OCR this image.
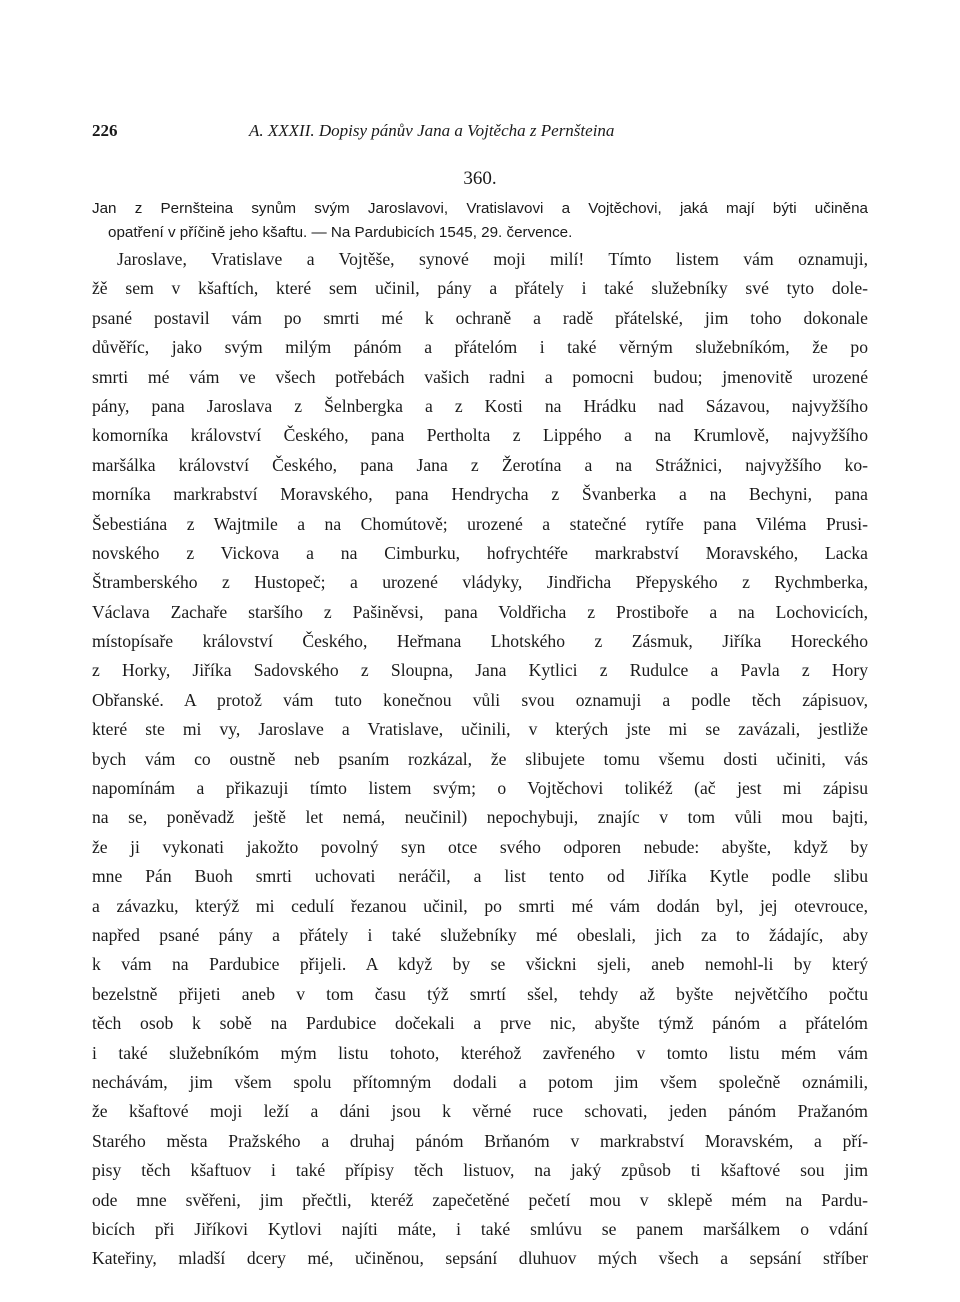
226	A. XXXII. Dopisy pánův Jana a Vojtěcha z Pernšteina
360.
Jan z Pernšteina synům svým Jaroslavovi, Vratislavovi a Vojtěchovi, jaká mají býti učiněna
opatření v příčině jeho kšaftu. — Na Pardubicích 1545, 29. července.
Jaroslave, Vratislave a Vojtěše, synové moji milí! Tímto listem vám oznamuji,
žě sem v kšaftích, které sem učinil, pány a přátely i také služebníky své tyto dole-
psané postavil vám po smrti mé k ochraně a radě přátelské, jim toho dokonale
důvěříc, jako svým milým pánóm a přátelóm i také věrným služebníkóm, že po
smrti mé vám ve všech potřebách vašich radni a pomocni budou; jmenovitě urozené
pány, pana Jaroslava z Šelnbergka a z Kosti na Hrádku nad Sázavou, najvyžšího
komorníka království Českého, pana Pertholta z Lippého a na Krumlově, najvyžšího
maršálka království Českého, pana Jana z Žerotína a na Strážnici, najvyžšího ko-
morníka markrabství Moravského, pana Hendrycha z Švanberka a na Bechyni, pana
Šebestiána z Wajtmile a na Chomútově; urozené a statečné rytíře pana Viléma Prusi-
novského z Vickova a na Cimburku, hofrychtéře markrabství Moravského, Lacka
Štramberského z Hustopeč; a urozené vládyky, Jindřicha Přepyského z Rychmberka,
Václava Zachaře staršího z Pašiněvsi, pana Voldřicha z Prostiboře a na Lochovicích,
místopísaře království Českého, Heřmana Lhotského z Zásmuk, Jiříka Horeckého
z Horky, Jiříka Sadovského z Sloupna, Jana Kytlici z Rudulce a Pavla z Hory
Obřanské. A protož vám tuto konečnou vůli svou oznamuji a podle těch zápisuov,
které ste mi vy, Jaroslave a Vratislave, učinili, v kterých jste mi se zavázali, jestliže
bych vám co oustně neb psaním rozkázal, že slibujete tomu všemu dosti učiniti, vás
napomínám a přikazuji tímto listem svým; o Vojtěchovi tolikéž (ač jest mi zápisu
na se, poněvadž ještě let nemá, neučinil) nepochybuji, znajíc v tom vůli mou bajti,
že ji vykonati jakožto povolný syn otce svého odporen nebude: abyšte, když by
mne Pán Buoh smrti uchovati neráčil, a list tento od Jiříka Kytle podle slibu
a závazku, kterýž mi cedulí řezanou učinil, po smrti mé vám dodán byl, jej otevrouce,
napřed psané pány a přátely i také služebníky mé obeslali, jich za to žádajíc, aby
k vám na Pardubice přijeli. A když by se všickni sjeli, aneb nemohl-li by který
bezelstně přijeti aneb v tom času týž smrtí sšel, tehdy až byšte největčího počtu
těch osob k sobě na Pardubice dočekali a prve nic, abyšte týmž pánóm a přátelóm
i také služebníkóm mým listu tohoto, kteréhož zavřeného v tomto listu mém vám
nechávám, jim všem spolu přítomným dodali a potom jim všem společně oznámili,
že kšaftové moji leží a dáni jsou k věrné ruce schovati, jeden pánóm Pražanóm
Starého města Pražského a druhaj pánóm Brňanóm v markrabství Moravském, a pří-
pisy těch kšaftuov i také přípisy těch listuov, na jaký způsob ti kšaftové sou jim
ode mne svěřeni, jim přečtli, kteréž zapečetěné pečetí mou v sklepě mém na Pardu-
bicích při Jiříkovi Kytlovi najíti máte, i také smlúvu se panem maršálkem o vdání
Kateřiny, mladší dcery mé, učiněnou, sepsání dluhuov mých všech a sepsání stříber
